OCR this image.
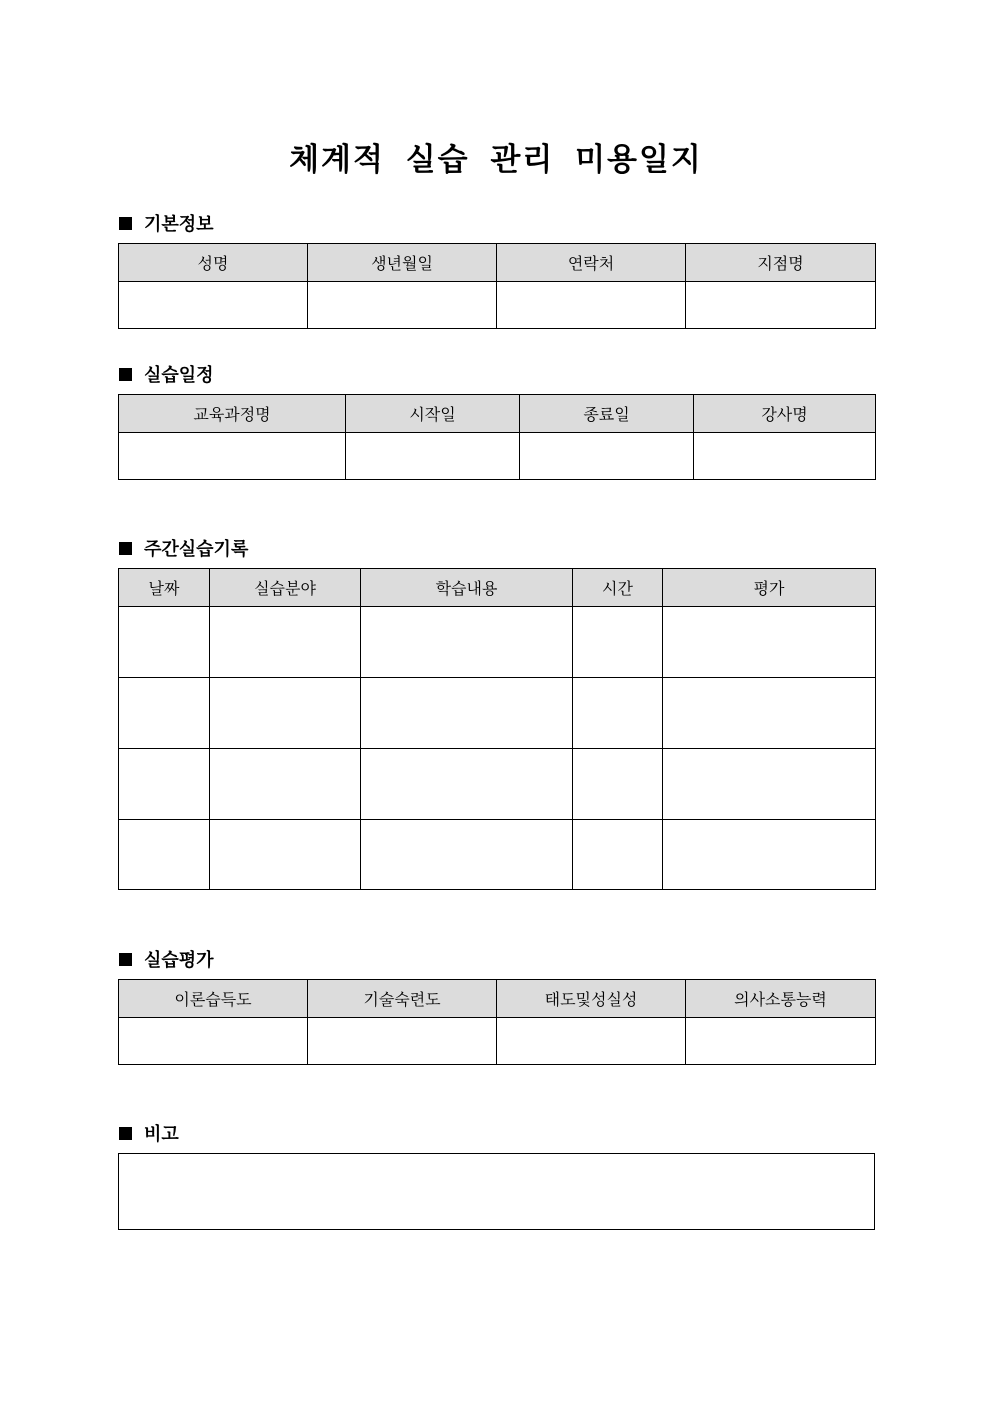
체계적 실습 관리 미용일지
기본정보
성명	생년월일	연락처	지점명

실습일정
교육과정명	시작일	종료일	강사명

주간실습기록
날짜	실습분야	학습내용	시간	평가

실습평가
이론습득도	기술숙련도	태도및성실성	의사소통능력

비고
